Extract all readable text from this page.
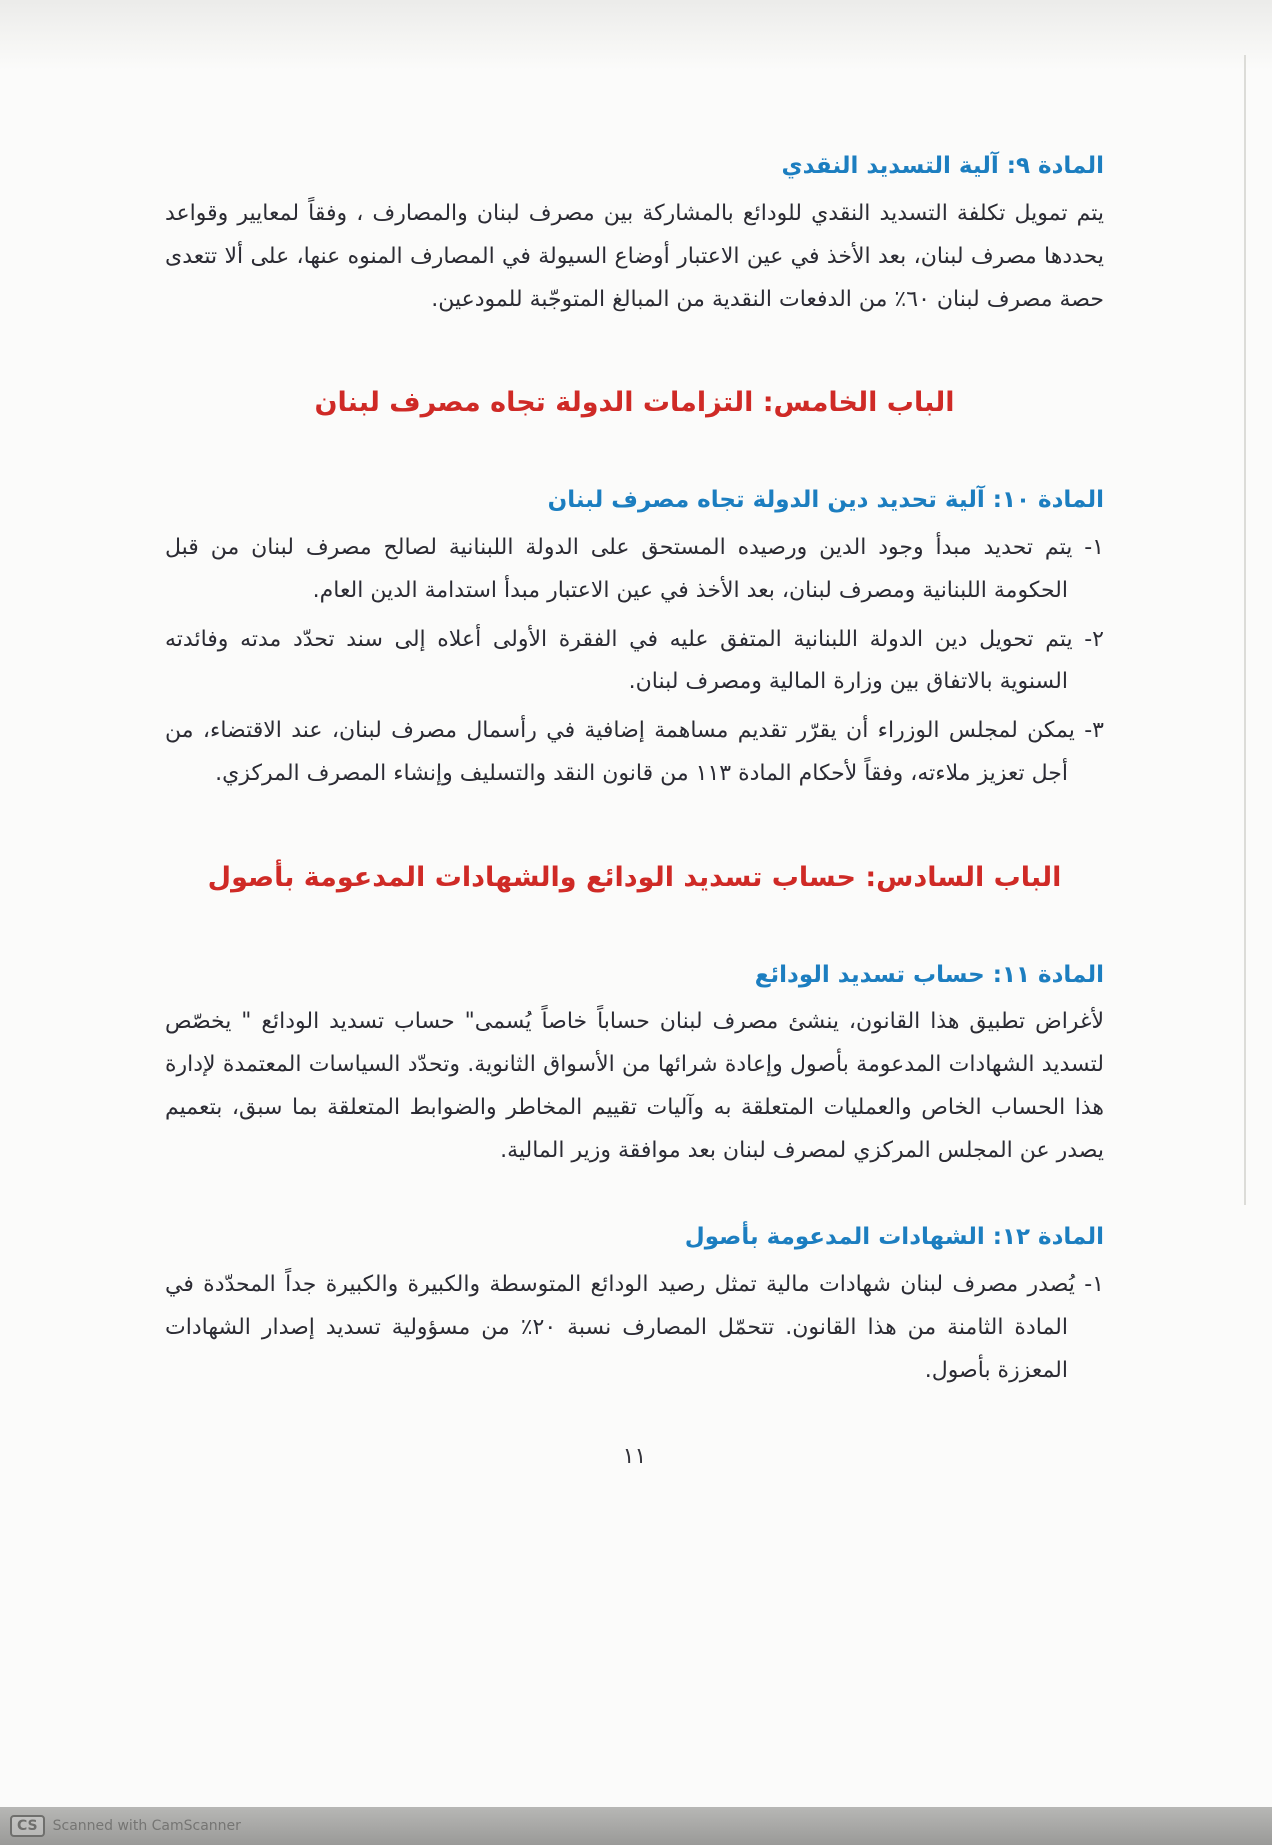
المادة ٩: آلية التسديد النقدي

يتم تمويل تكلفة التسديد النقدي للودائع بالمشاركة بين مصرف لبنان والمصارف ، وفقاً لمعايير وقواعد يحددها مصرف لبنان، بعد الأخذ في عين الاعتبار أوضاع السيولة في المصارف المنوه عنها، على ألا تتعدى حصة مصرف لبنان ٦٠٪ من الدفعات النقدية من المبالغ المتوجّبة للمودعين.

الباب الخامس: التزامات الدولة تجاه مصرف لبنان
المادة ١٠: آلية تحديد دين الدولة تجاه مصرف لبنان

١- يتم تحديد مبدأ وجود الدين ورصيده المستحق على الدولة اللبنانية لصالح مصرف لبنان من قبل الحكومة اللبنانية ومصرف لبنان، بعد الأخذ في عين الاعتبار مبدأ استدامة الدين العام.

٢- يتم تحويل دين الدولة اللبنانية المتفق عليه في الفقرة الأولى أعلاه إلى سند تحدّد مدته وفائدته السنوية بالاتفاق بين وزارة المالية ومصرف لبنان.

٣- يمكن لمجلس الوزراء أن يقرّر تقديم مساهمة إضافية في رأسمال مصرف لبنان، عند الاقتضاء، من أجل تعزيز ملاءته، وفقاً لأحكام المادة ١١٣ من قانون النقد والتسليف وإنشاء المصرف المركزي.

الباب السادس: حساب تسديد الودائع والشهادات المدعومة بأصول
المادة ١١: حساب تسديد الودائع

لأغراض تطبيق هذا القانون، ينشئ مصرف لبنان حساباً خاصاً يُسمى" حساب تسديد الودائع " يخصّص لتسديد الشهادات المدعومة بأصول وإعادة شرائها من الأسواق الثانوية. وتحدّد السياسات المعتمدة لإدارة هذا الحساب الخاص والعمليات المتعلقة به وآليات تقييم المخاطر والضوابط المتعلقة بما سبق، بتعميم يصدر عن المجلس المركزي لمصرف لبنان بعد موافقة وزير المالية.

المادة ١٢: الشهادات المدعومة بأصول

١- يُصدر مصرف لبنان شهادات مالية تمثل رصيد الودائع المتوسطة والكبيرة والكبيرة جداً المحدّدة في المادة الثامنة من هذا القانون. تتحمّل المصارف نسبة ٢٠٪ من مسؤولية تسديد إصدار الشهادات المعززة بأصول.

١١
CS	Scanned with CamScanner
